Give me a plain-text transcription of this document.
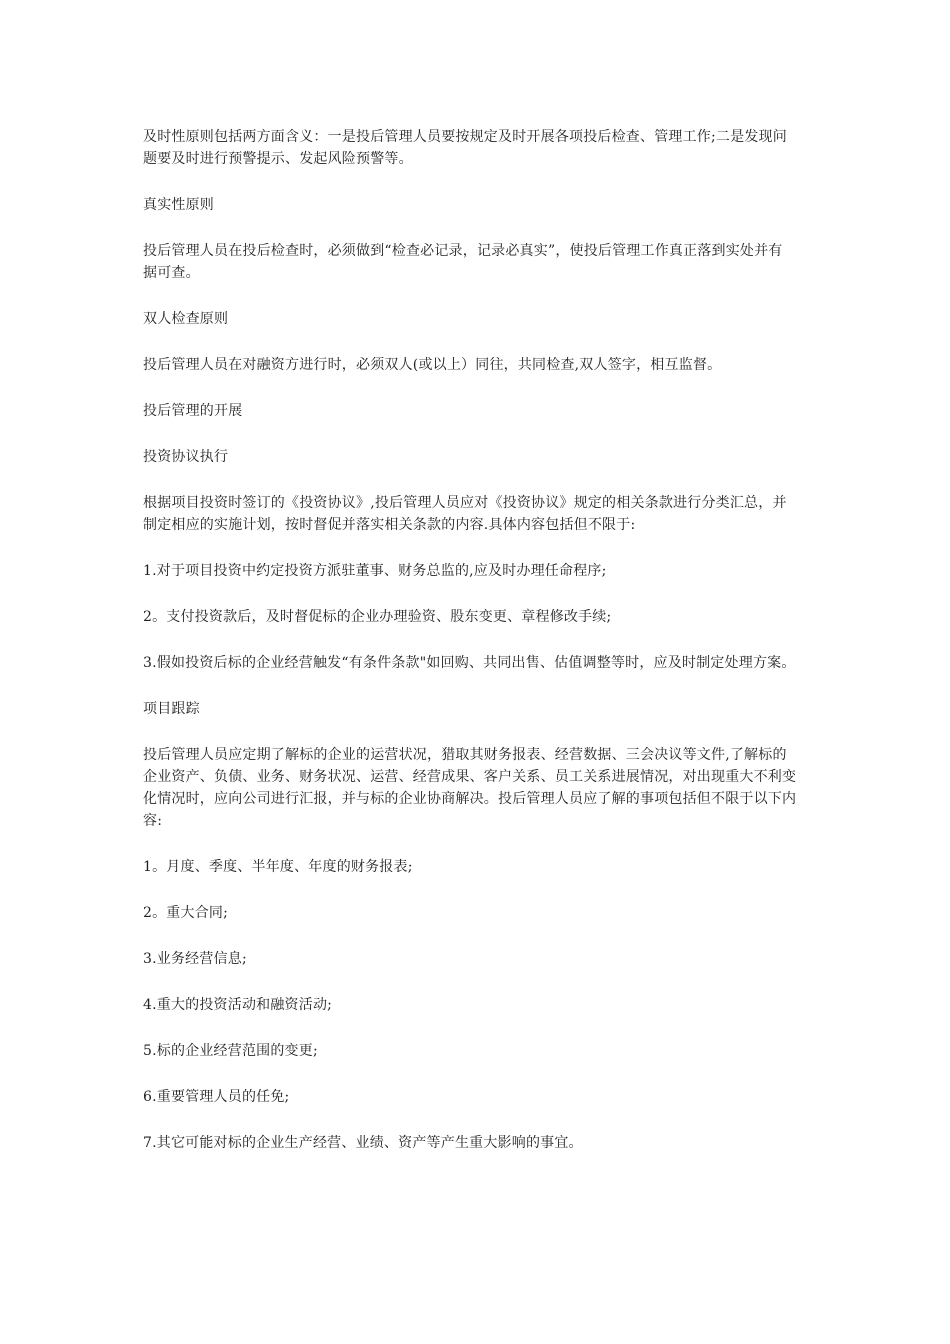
及时性原则包括两方面含义：一是投后管理人员要按规定及时开展各项投后检查、管理工作;二是发现问
题要及时进行预警提示、发起风险预警等。

真实性原则

投后管理人员在投后检查时，必须做到“检查必记录，记录必真实”，使投后管理工作真正落到实处并有
据可查。

双人检查原则

投后管理人员在对融资方进行时，必须双人(或以上）同往，共同检查,双人签字，相互监督。

投后管理的开展

投资协议执行

根据项目投资时签订的《投资协议》,投后管理人员应对《投资协议》规定的相关条款进行分类汇总，并
制定相应的实施计划，按时督促并落实相关条款的内容.具体内容包括但不限于:

1.对于项目投资中约定投资方派驻董事、财务总监的,应及时办理任命程序;

2。支付投资款后，及时督促标的企业办理验资、股东变更、章程修改手续;

3.假如投资后标的企业经营触发“有条件条款"如回购、共同出售、估值调整等时，应及时制定处理方案。

项目跟踪

投后管理人员应定期了解标的企业的运营状况，猎取其财务报表、经营数据、三会决议等文件,了解标的
企业资产、负债、业务、财务状况、运营、经营成果、客户关系、员工关系进展情况，对出现重大不利变
化情况时，应向公司进行汇报，并与标的企业协商解决。投后管理人员应了解的事项包括但不限于以下内
容:

1。月度、季度、半年度、年度的财务报表;

2。重大合同;

3.业务经营信息;

4.重大的投资活动和融资活动;

5.标的企业经营范围的变更;

6.重要管理人员的任免;

7.其它可能对标的企业生产经营、业绩、资产等产生重大影响的事宜。
